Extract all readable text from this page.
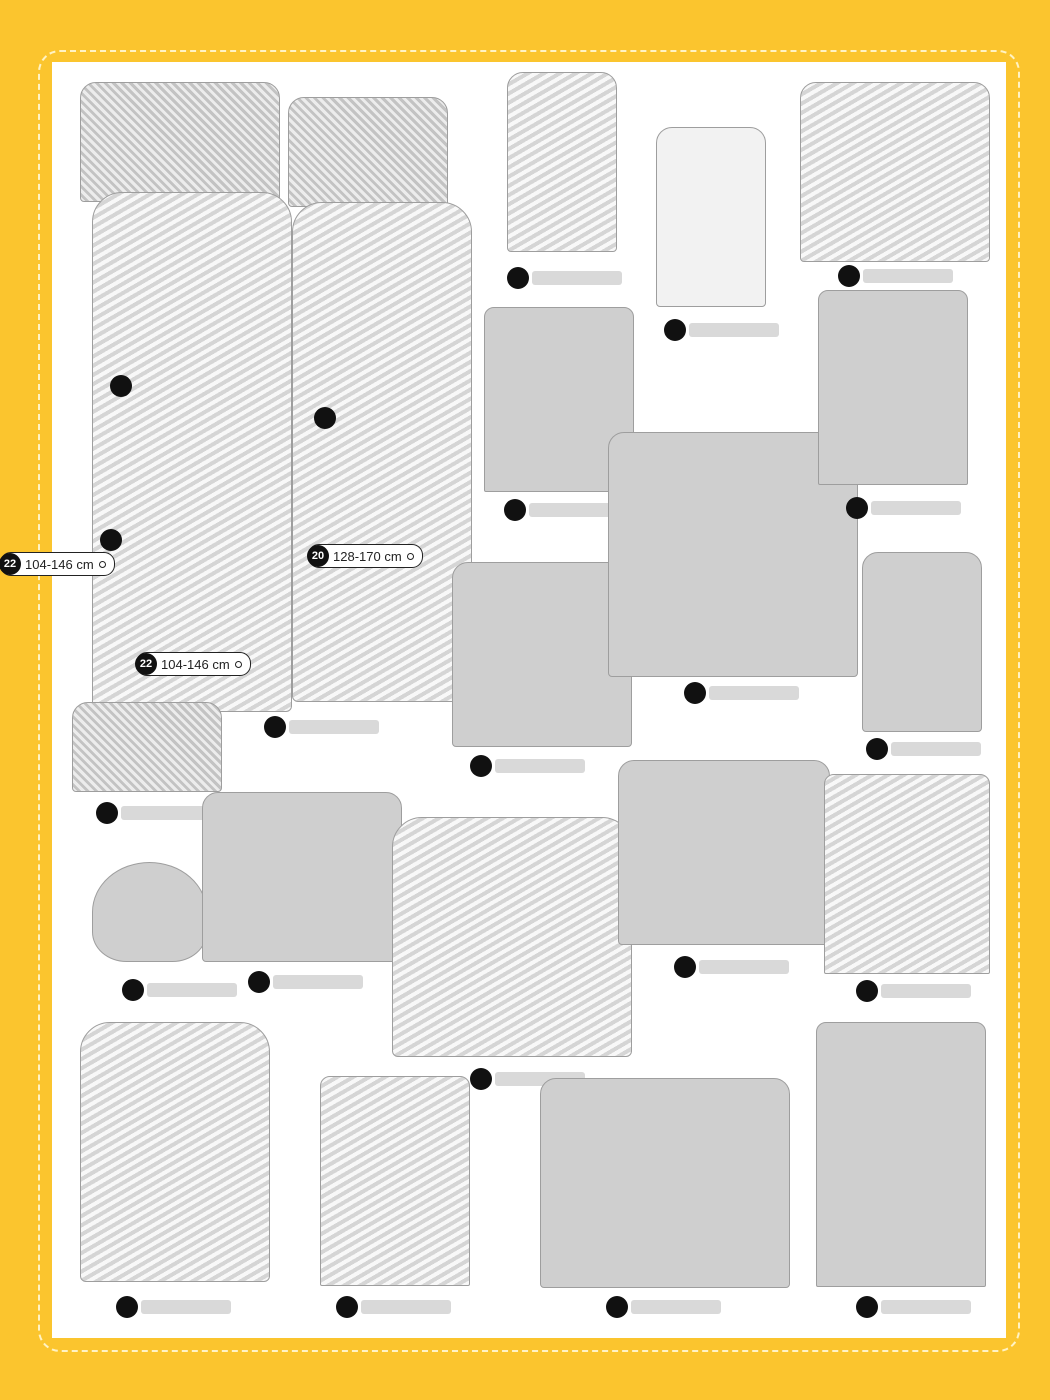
22 104-146 cm
20 128-170 cm
22 104-146 cm
